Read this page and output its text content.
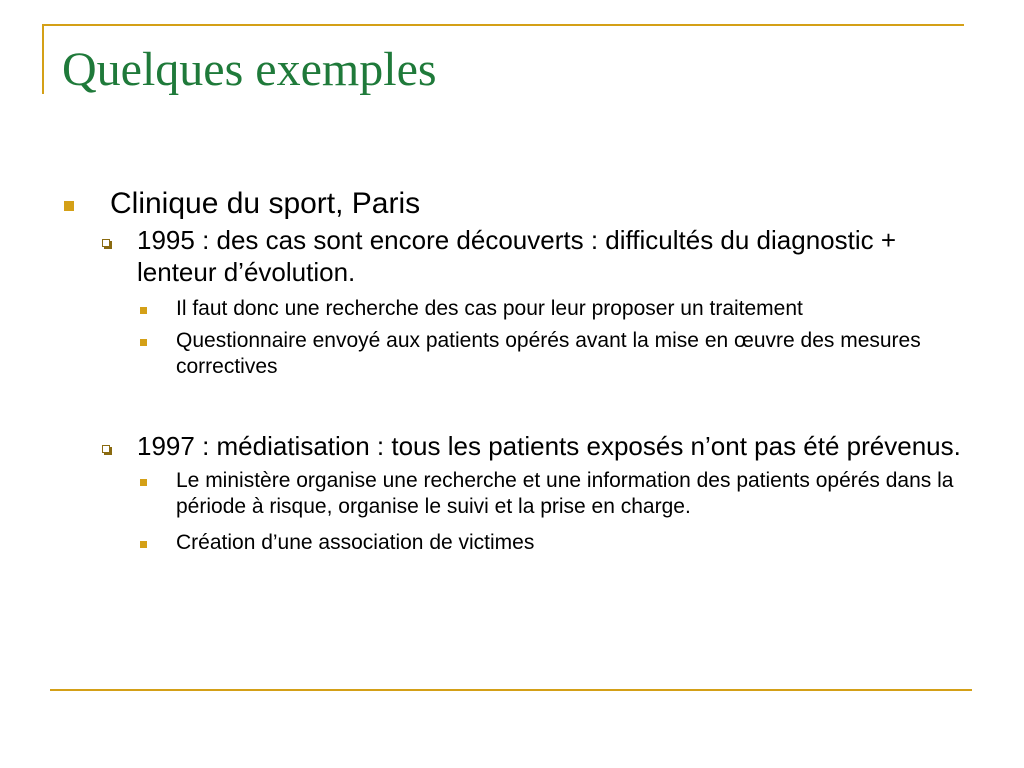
Quelques exemples
Clinique du sport, Paris
1995 : des cas sont encore découverts : difficultés du diagnostic + lenteur d’évolution.
Il faut donc une recherche des cas pour leur proposer un traitement
Questionnaire envoyé aux patients opérés avant la mise en œuvre des mesures correctives
1997 : médiatisation : tous les patients exposés n’ont pas été prévenus.
Le ministère organise une recherche et une information des patients opérés dans la période à risque, organise le suivi et la prise en charge.
Création d’une association de victimes
